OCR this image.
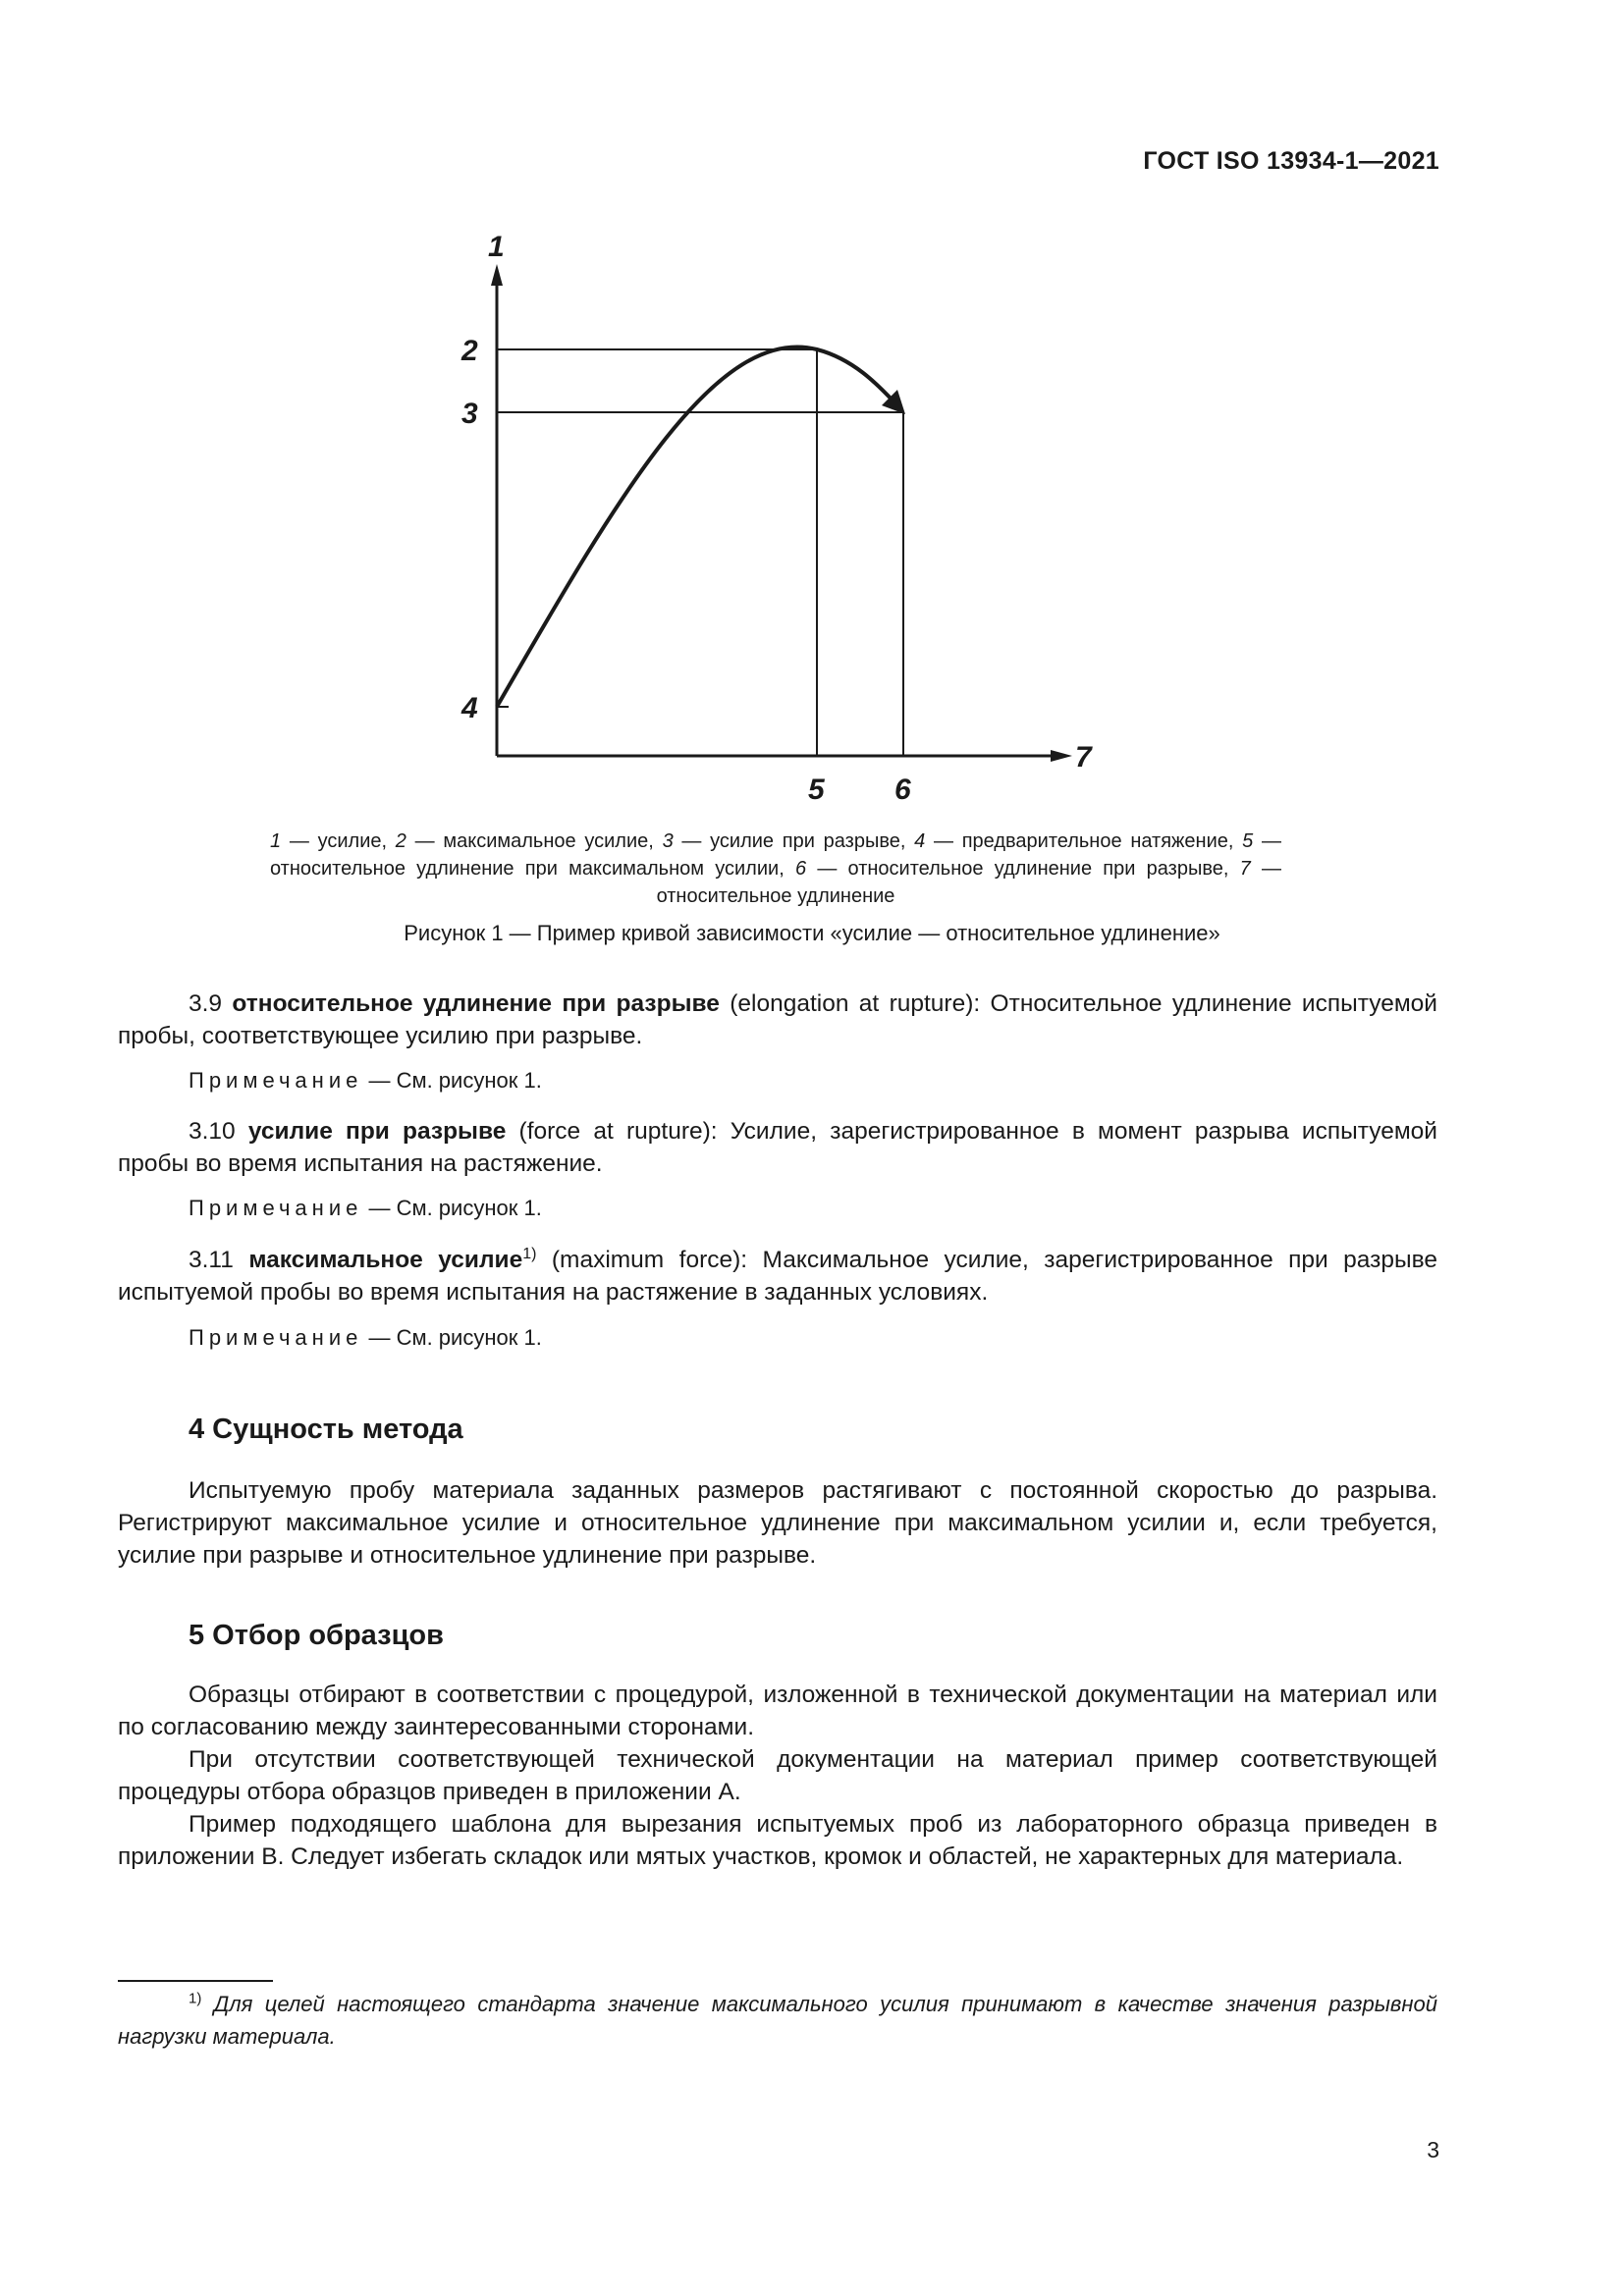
ГОСТ ISO 13934-1—2021
1
2
3
4
5 6
7
1 — усилие, 2 — максимальное усилие, 3 — усилие при разрыве, 4 — предварительное натяжение, 5 — относительное удлинение при максимальном усилии, 6 — относительное удлинение при разрыве, 7 — относительное удлинение
Рисунок 1 — Пример кривой зависимости «усилие — относительное удлинение»
3.9 относительное удлинение при разрыве (elongation at rupture): Относительное удлинение испытуемой пробы, соответствующее усилию при разрыве.
Примечание — См. рисунок 1.
3.10 усилие при разрыве (force at rupture): Усилие, зарегистрированное в момент разрыва испытуемой пробы во время испытания на растяжение.
Примечание — См. рисунок 1.
3.11 максимальное усилие$^{1)}$ (maximum force): Максимальное усилие, зарегистрированное при разрыве испытуемой пробы во время испытания на растяжение в заданных условиях.
Примечание — См. рисунок 1.
4 Сущность метода

Испытуемую пробу материала заданных размеров растягивают с постоянной скоростью до разрыва. Регистрируют максимальное усилие и относительное удлинение при максимальном усилии и, если требуется, усилие при разрыве и относительное удлинение при разрыве.

5 Отбор образцов

Образцы отбирают в соответствии с процедурой, изложенной в технической документации на материал или по согласованию между заинтересованными сторонами.

При отсутствии соответствующей технической документации на материал пример соответствующей процедуры отбора образцов приведен в приложении А.

Пример подходящего шаблона для вырезания испытуемых проб из лабораторного образца приведен в приложении В. Следует избегать складок или мятых участков, кромок и областей, не характерных для материала.

$^{1)}$ Для целей настоящего стандарта значение максимального усилия принимают в качестве значения разрывной нагрузки материала.
3
